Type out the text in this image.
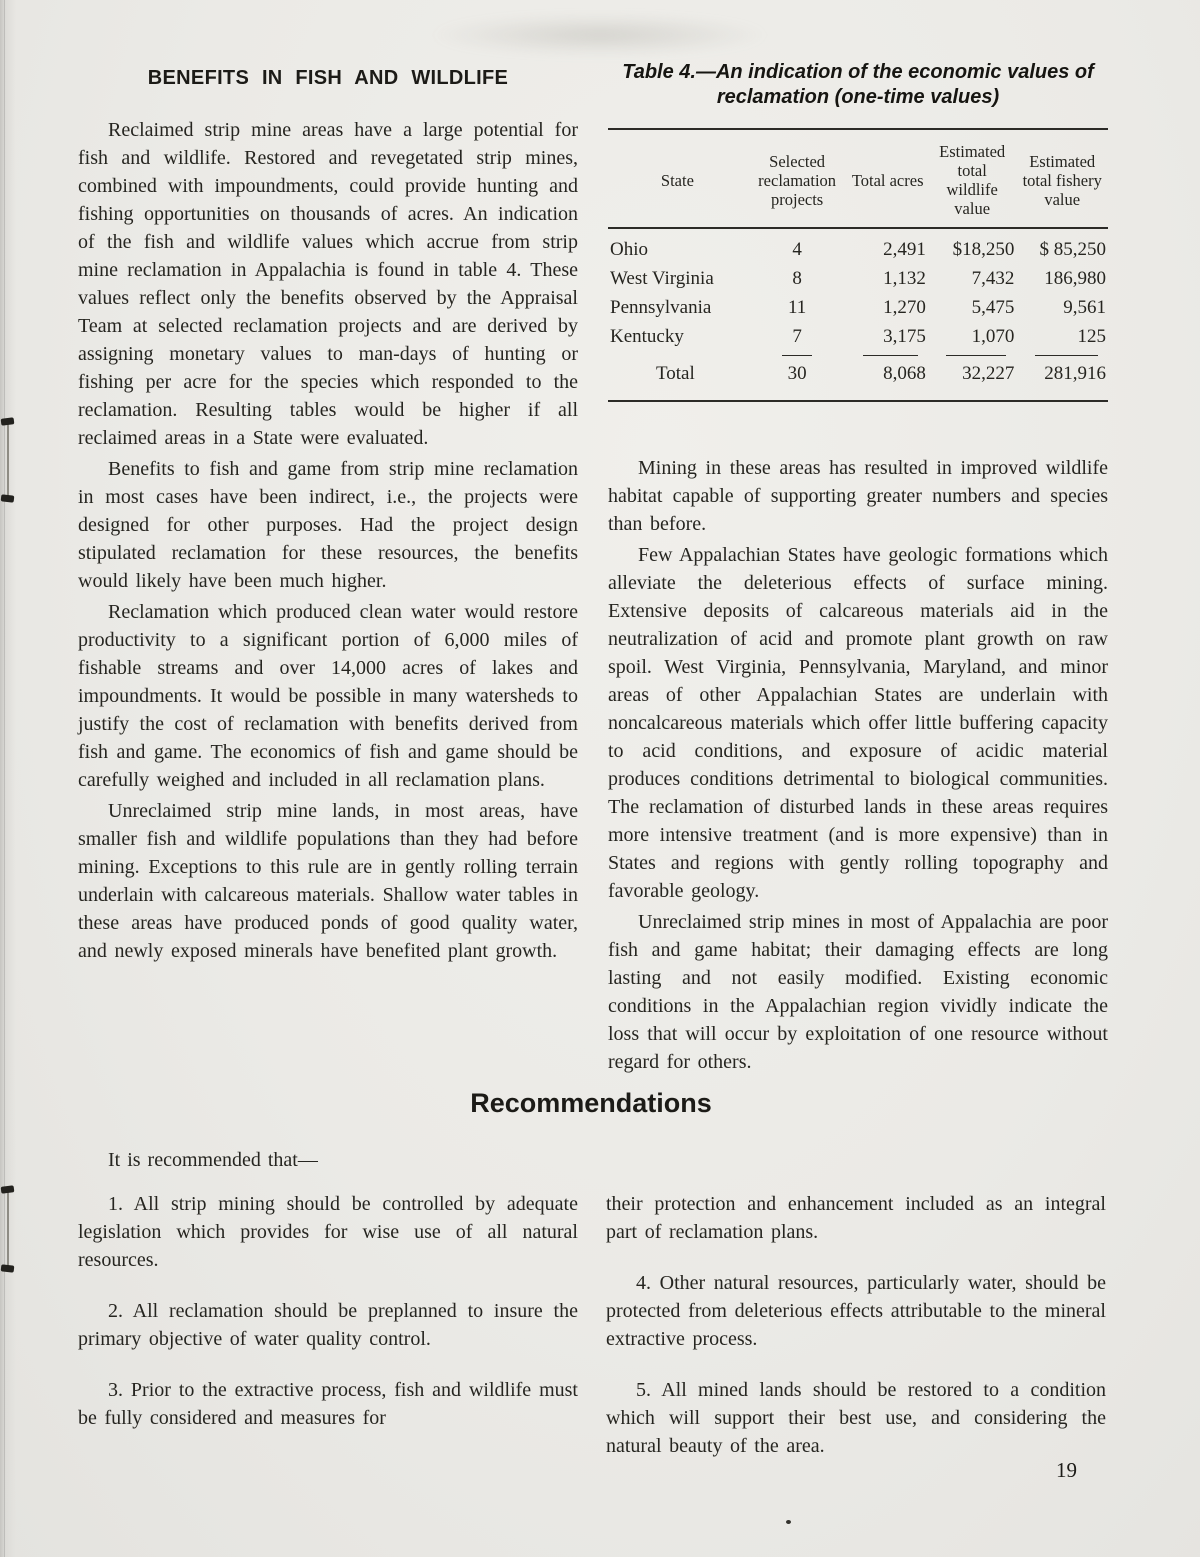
BENEFITS IN FISH AND WILDLIFE

Reclaimed strip mine areas have a large potential for fish and wildlife. Restored and revegetated strip mines, combined with impoundments, could provide hunting and fishing opportunities on thousands of acres. An indication of the fish and wildlife values which accrue from strip mine reclamation in Appalachia is found in table 4. These values reflect only the benefits observed by the Appraisal Team at selected reclamation projects and are derived by assigning monetary values to man-days of hunting or fishing per acre for the species which responded to the reclamation. Resulting tables would be higher if all reclaimed areas in a State were evaluated.

Benefits to fish and game from strip mine reclamation in most cases have been indirect, i.e., the projects were designed for other purposes. Had the project design stipulated reclamation for these resources, the benefits would likely have been much higher.

Reclamation which produced clean water would restore productivity to a significant portion of 6,000 miles of fishable streams and over 14,000 acres of lakes and impoundments. It would be possible in many watersheds to justify the cost of reclamation with benefits derived from fish and game. The economics of fish and game should be carefully weighed and included in all reclamation plans.

Unreclaimed strip mine lands, in most areas, have smaller fish and wildlife populations than they had before mining. Exceptions to this rule are in gently rolling terrain underlain with calcareous materials. Shallow water tables in these areas have produced ponds of good quality water, and newly exposed minerals have benefited plant growth.

Table 4.—An indication of the economic values of
reclamation (one-time values)
State	Selected reclamation projects	Total acres	Estimated total wildlife value	Estimated total fishery value
Ohio	4	2,491	$18,250	$ 85,250
West Virginia	8	1,132	7,432	186,980
Pennsylvania	11	1,270	5,475	9,561
Kentucky	7	3,175	1,070	125

Total	30	8,068	32,227	281,916

Mining in these areas has resulted in improved wildlife habitat capable of supporting greater numbers and species than before.

Few Appalachian States have geologic formations which alleviate the deleterious effects of surface mining. Extensive deposits of calcareous materials aid in the neutralization of acid and promote plant growth on raw spoil. West Virginia, Pennsylvania, Maryland, and minor areas of other Appalachian States are underlain with noncalcareous materials which offer little buffering capacity to acid conditions, and exposure of acidic material produces conditions detrimental to biological communities. The reclamation of disturbed lands in these areas requires more intensive treatment (and is more expensive) than in States and regions with gently rolling topography and favorable geology.

Unreclaimed strip mines in most of Appalachia are poor fish and game habitat; their damaging effects are long lasting and not easily modified. Existing economic conditions in the Appalachian region vividly indicate the loss that will occur by exploitation of one resource without regard for others.

Recommendations
It is recommended that—

1. All strip mining should be controlled by adequate legislation which provides for wise use of all natural resources.

2. All reclamation should be preplanned to insure the primary objective of water quality control.

3. Prior to the extractive process, fish and wildlife must be fully considered and measures for

their protection and enhancement included as an integral part of reclamation plans.

4. Other natural resources, particularly water, should be protected from deleterious effects attributable to the mineral extractive process.

5. All mined lands should be restored to a condition which will support their best use, and considering the natural beauty of the area.

19
